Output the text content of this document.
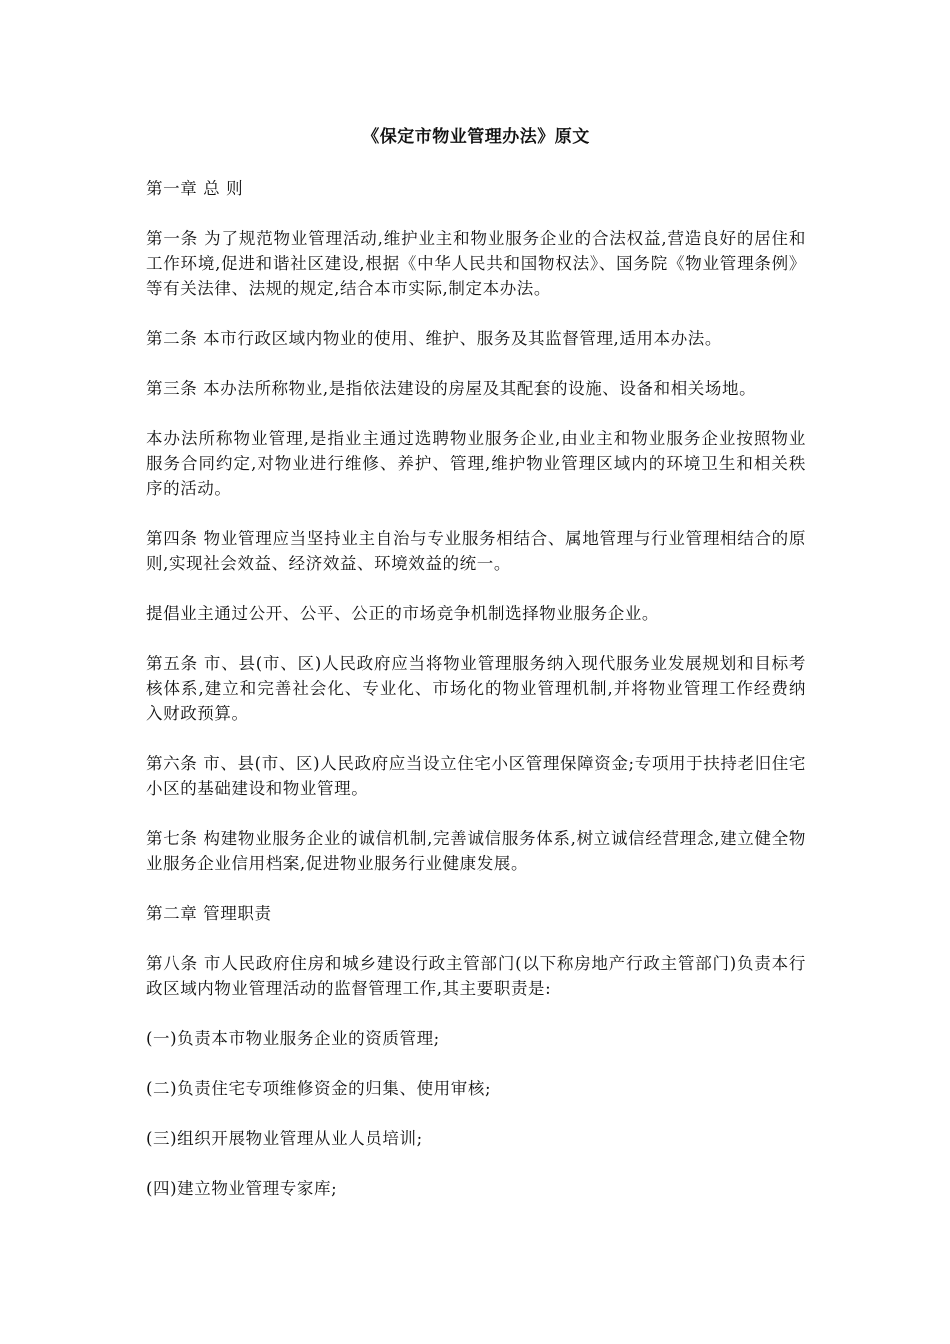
《保定市物业管理办法》原文

第一章 总 则

第一条 为了规范物业管理活动,维护业主和物业服务企业的合法权益,营造良好的居住和工作环境,促进和谐社区建设,根据《中华人民共和国物权法》、国务院《物业管理条例》等有关法律、法规的规定,结合本市实际,制定本办法。

第二条 本市行政区域内物业的使用、维护、服务及其监督管理,适用本办法。

第三条 本办法所称物业,是指依法建设的房屋及其配套的设施、设备和相关场地。

本办法所称物业管理,是指业主通过选聘物业服务企业,由业主和物业服务企业按照物业服务合同约定,对物业进行维修、养护、管理,维护物业管理区域内的环境卫生和相关秩序的活动。

第四条 物业管理应当坚持业主自治与专业服务相结合、属地管理与行业管理相结合的原则,实现社会效益、经济效益、环境效益的统一。

提倡业主通过公开、公平、公正的市场竞争机制选择物业服务企业。

第五条 市、县(市、区)人民政府应当将物业管理服务纳入现代服务业发展规划和目标考核体系,建立和完善社会化、专业化、市场化的物业管理机制,并将物业管理工作经费纳入财政预算。

第六条 市、县(市、区)人民政府应当设立住宅小区管理保障资金;专项用于扶持老旧住宅小区的基础建设和物业管理。

第七条 构建物业服务企业的诚信机制,完善诚信服务体系,树立诚信经营理念,建立健全物业服务企业信用档案,促进物业服务行业健康发展。

第二章 管理职责

第八条 市人民政府住房和城乡建设行政主管部门(以下称房地产行政主管部门)负责本行政区域内物业管理活动的监督管理工作,其主要职责是:

(一)负责本市物业服务企业的资质管理;

(二)负责住宅专项维修资金的归集、使用审核;

(三)组织开展物业管理从业人员培训;

(四)建立物业管理专家库;
